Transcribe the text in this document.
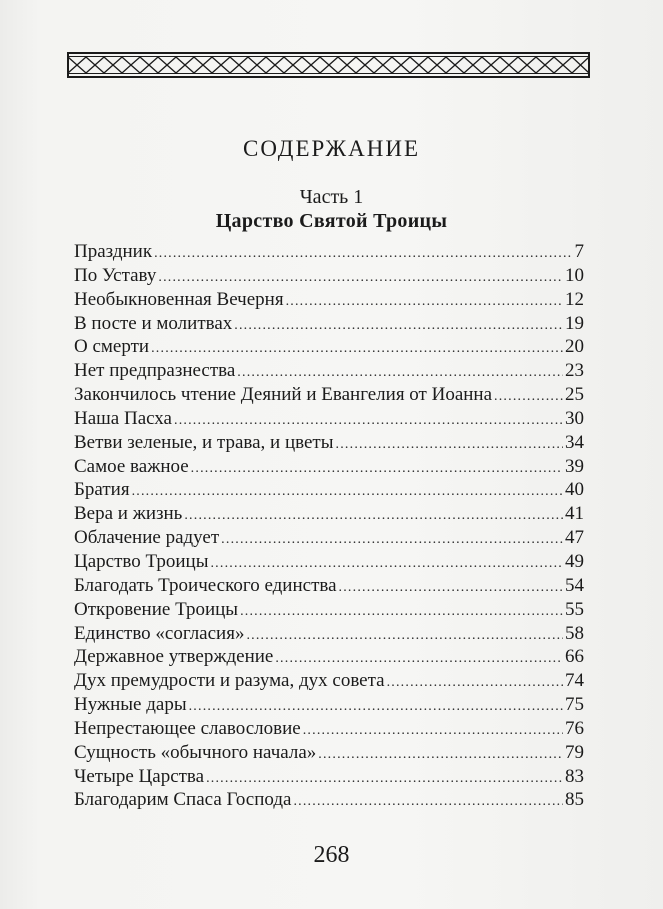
СОДЕРЖАНИЕ
Часть 1
Царство Святой Троицы
Праздник .....	7
По Уставу .....	10
Необыкновенная Вечерня .....	12
В посте и молитвах .....	19
О смерти .....	20
Нет предпразнества .....	23
Закончилось чтение Деяний и Евангелия от Иоанна .....	25
Наша Пасха .....	30
Ветви зеленые, и трава, и цветы .....	34
Самое важное .....	39
Братия .....	40
Вера и жизнь .....	41
Облачение радует .....	47
Царство Троицы .....	49
Благодать Троического единства .....	54
Откровение Троицы .....	55
Единство «согласия» .....	58
Державное утверждение .....	66
Дух премудрости и разума, дух совета .....	74
Нужные дары .....	75
Непрестающее славословие .....	76
Сущность «обычного начала» .....	79
Четыре Царства .....	83
Благодарим Спаса Господа .....	85
268
